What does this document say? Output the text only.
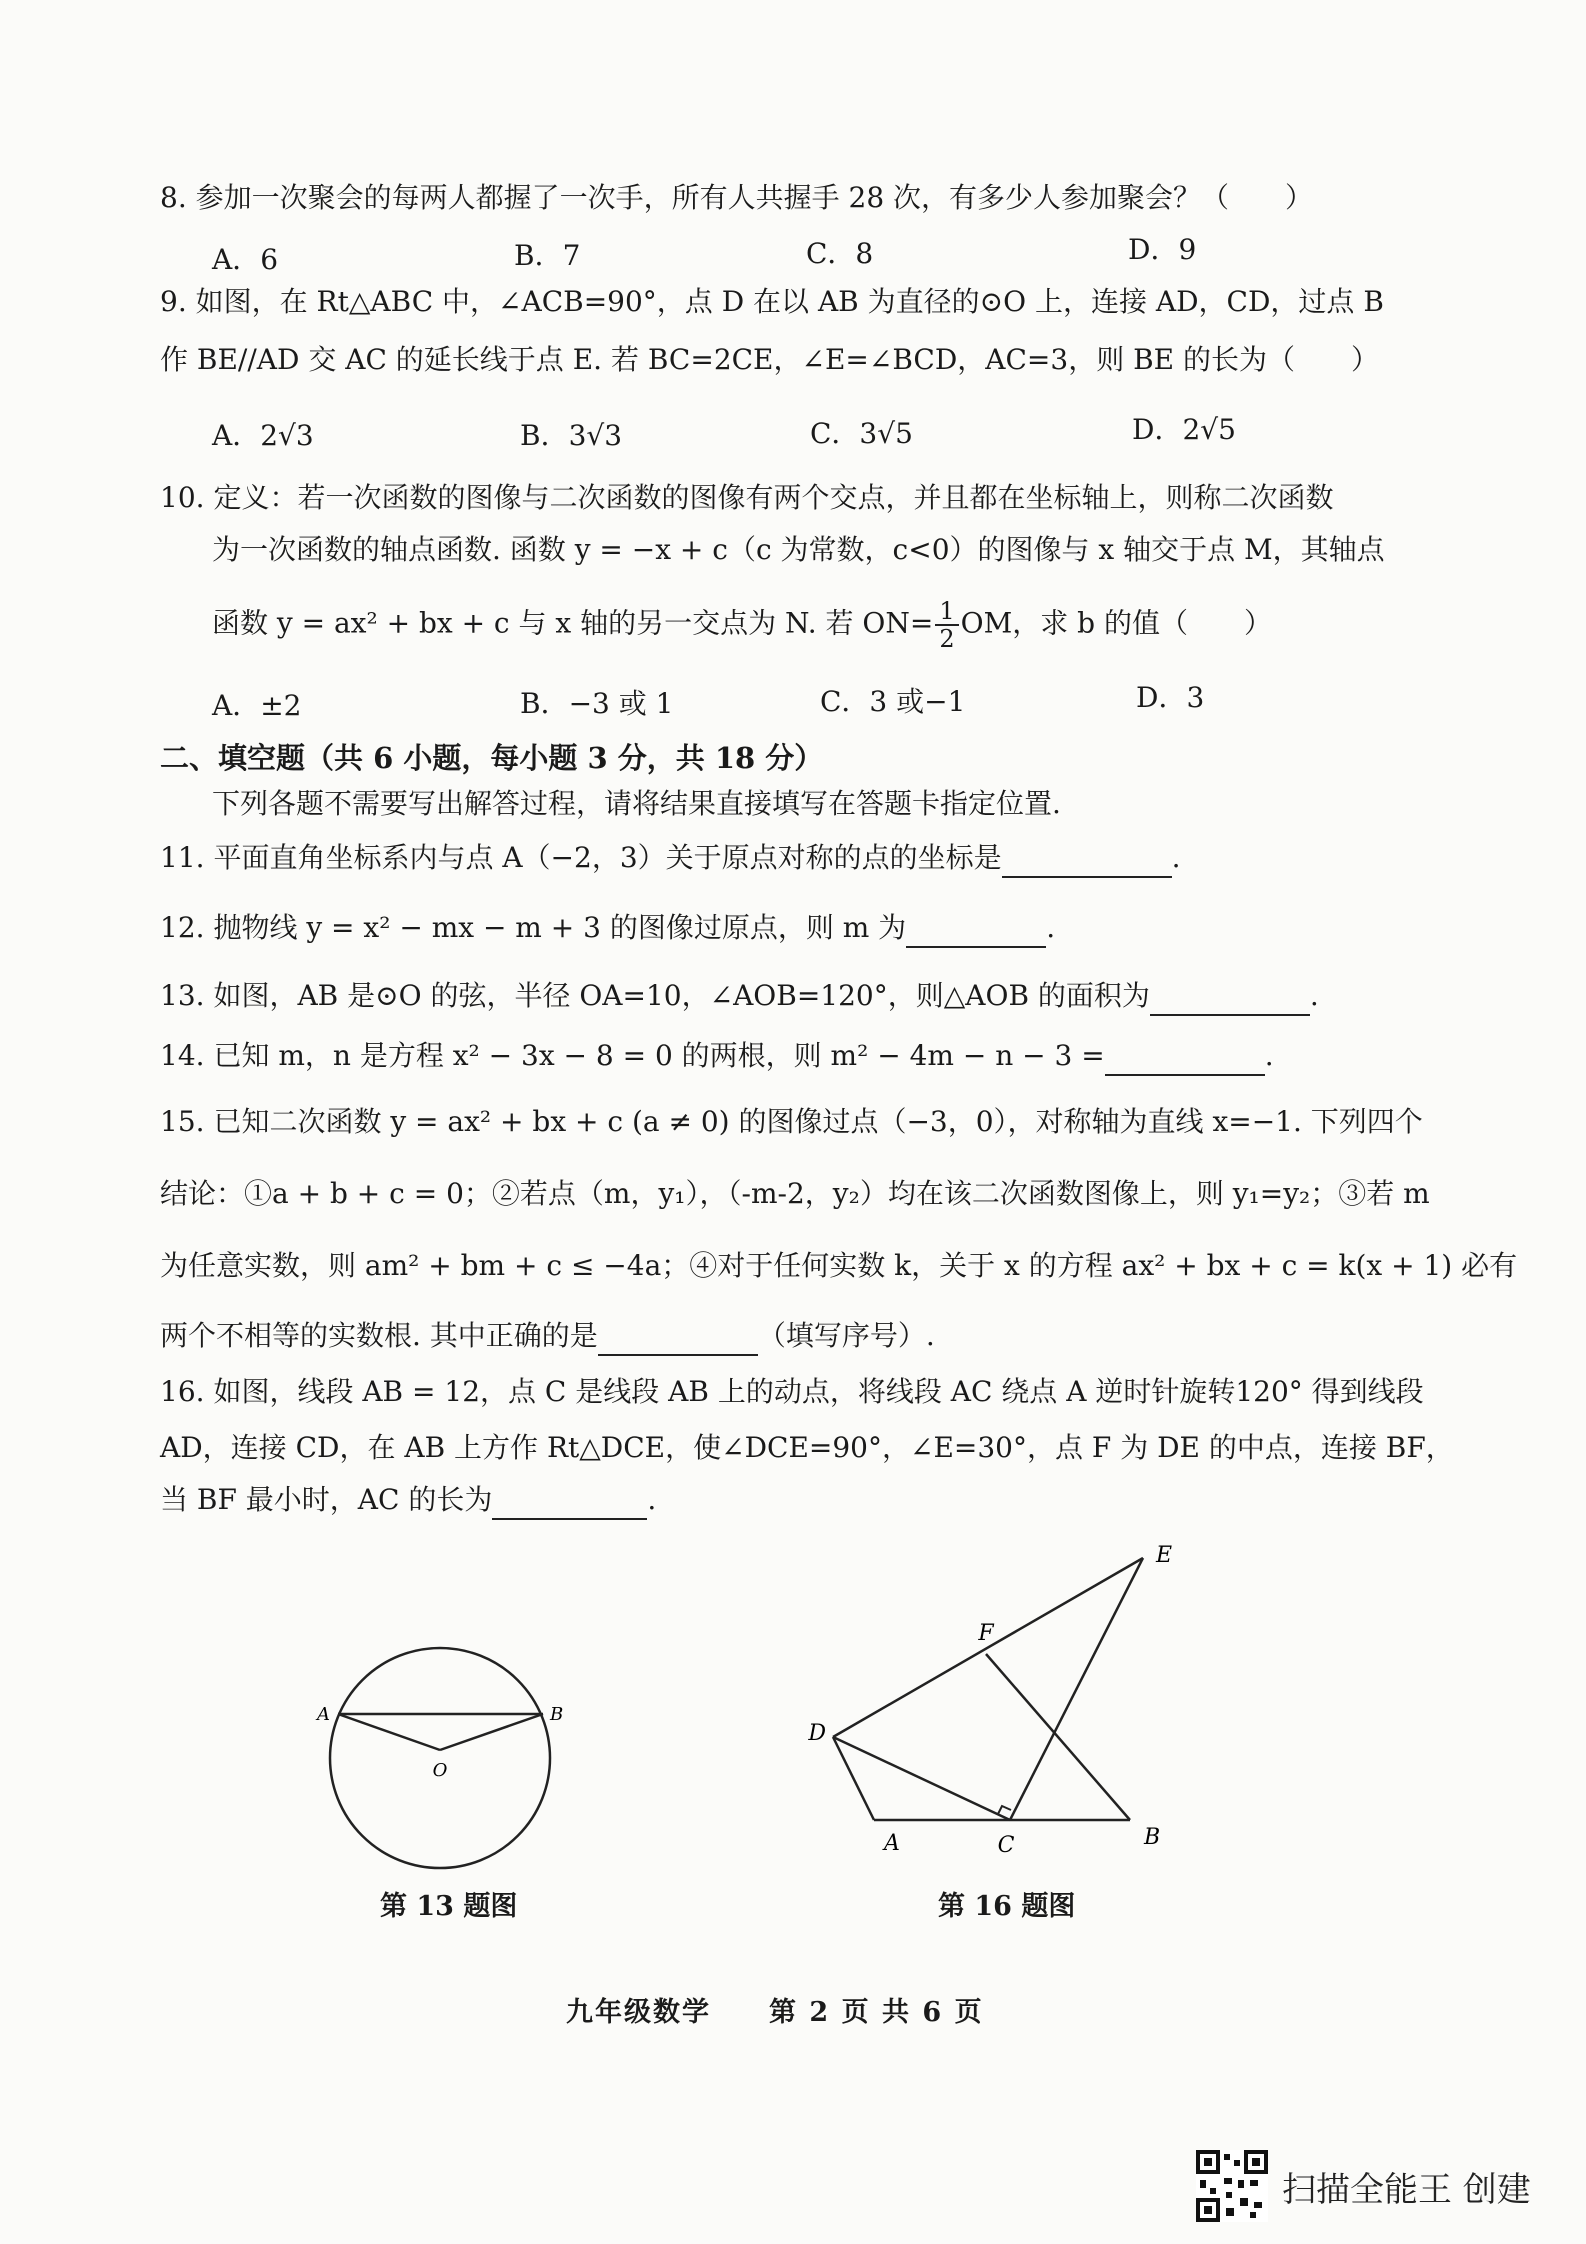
8. 参加一次聚会的每两人都握了一次手，所有人共握手 28 次，有多少人参加聚会？（　　）
A．6	B．7	C．8	D．9
9. 如图，在 Rt△ABC 中，∠ACB=90°，点 D 在以 AB 为直径的⊙O 上，连接 AD，CD，过点 B
作 BE//AD 交 AC 的延长线于点 E. 若 BC=2CE，∠E=∠BCD，AC=3，则 BE 的长为（　　）
A．2√3	B．3√3	C．3√5	D．2√5
10. 定义：若一次函数的图像与二次函数的图像有两个交点，并且都在坐标轴上，则称二次函数
为一次函数的轴点函数. 函数 y = −x + c（c 为常数，c<0）的图像与 x 轴交于点 M，其轴点
函数 y = ax² + bx + c 与 x 轴的另一交点为 N. 若 $ON= \frac{1}{2}$ OM，求 b 的值（　　）
A．±2	B．−3 或 1	C．3 或−1	D．3
二、填空题（共 6 小题，每小题 3 分，共 18 分）
下列各题不需要写出解答过程，请将结果直接填写在答题卡指定位置.
11. 平面直角坐标系内与点 A（−2，3）关于原点对称的点的坐标是	.
12. 抛物线 y = x² − mx − m + 3 的图像过原点，则 m 为	.
13. 如图，AB 是⊙O 的弦，半径 OA=10，∠AOB=120°，则△AOB 的面积为	.
14. 已知 m，n 是方程 x² − 3x − 8 = 0 的两根，则 m² − 4m − n − 3 =	.
15. 已知二次函数 y = ax² + bx + c (a ≠ 0) 的图像过点（−3，0），对称轴为直线 x=−1. 下列四个
结论：①a + b + c = 0；②若点（m，y₁），（-m-2，y₂）均在该二次函数图像上，则 y₁=y₂；③若 m
为任意实数，则 am² + bm + c ≤ −4a；④对于任何实数 k，关于 x 的方程 ax² + bx + c = k(x + 1) 必有
两个不相等的实数根. 其中正确的是	（填写序号）.
16. 如图，线段 AB = 12，点 C 是线段 AB 上的动点，将线段 AC 绕点 A 逆时针旋转120° 得到线段
AD，连接 CD，在 AB 上方作 Rt△DCE，使∠DCE=90°，∠E=30°，点 F 为 DE 的中点，连接 BF，
当 BF 最小时，AC 的长为	.
A	B
O
第 13 题图
D
A	C	B
E
F
第 16 题图
九年级数学　　第 2 页 共 6 页
扫描全能王 创建
